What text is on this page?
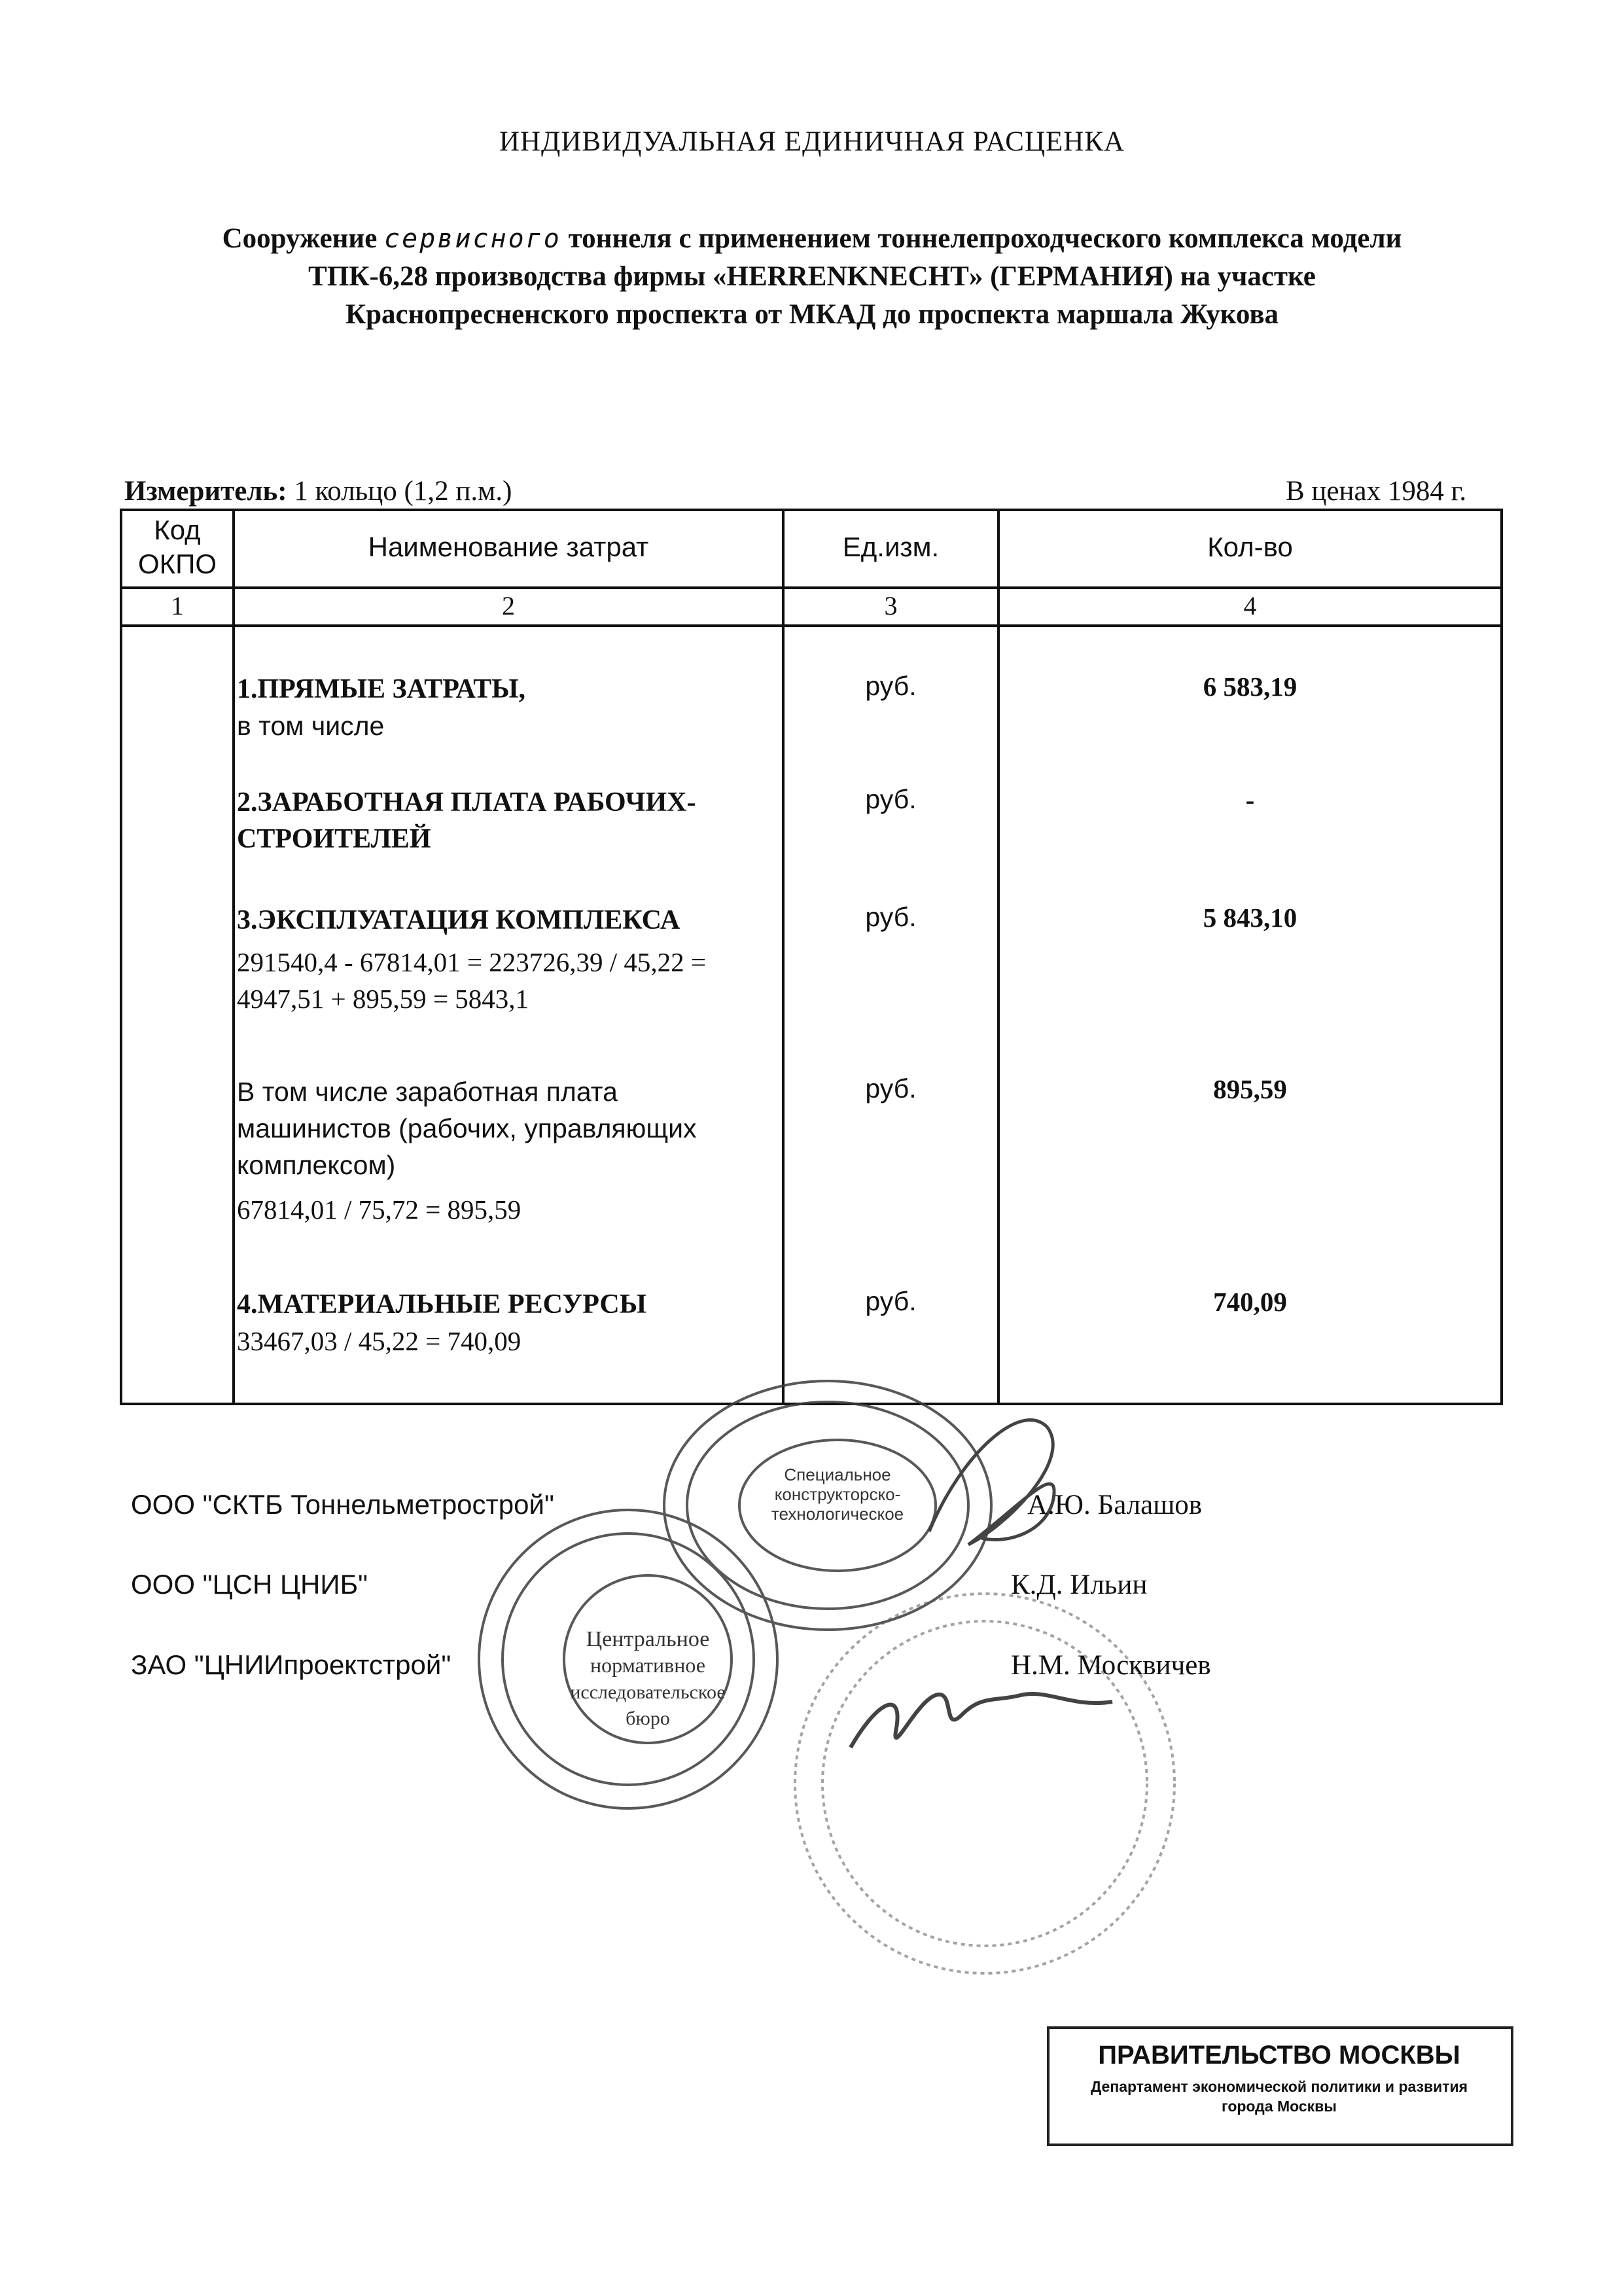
ИНДИВИДУАЛЬНАЯ ЕДИНИЧНАЯ РАСЦЕНКА
Сооружение сервисного тоннеля с применением тоннелепроходческого комплекса модели
ТПК-6,28 производства фирмы «HERRENKNECHT» (ГЕРМАНИЯ) на участке
Краснопресненского проспекта от МКАД до проспекта маршала Жукова
Измеритель: 1 кольцо (1,2 п.м.)	В ценах 1984 г.
Код
ОКПО
Наименование затрат	Ед.изм.	Кол-во
1	2	3	4
1.ПРЯМЫЕ ЗАТРАТЫ,
в том числе
руб.	6 583,19
2.ЗАРАБОТНАЯ ПЛАТА РАБОЧИХ-
СТРОИТЕЛЕЙ
руб.	-
3.ЭКСПЛУАТАЦИЯ КОМПЛЕКСА
291540,4 - 67814,01 = 223726,39 / 45,22 =
4947,51 + 895,59 = 5843,1
руб.	5 843,10
В том числе заработная плата
машинистов (рабочих, управляющих
комплексом)
67814,01 / 75,72 = 895,59
руб.	895,59
4.МАТЕРИАЛЬНЫЕ РЕСУРСЫ
33467,03 / 45,22 = 740,09
руб.	740,09
Специальное
конструкторско-
технологическое
Центральное
нормативное
исследовательское
бюро
ООО "СКТБ Тоннельметрострой"	А.Ю. Балашов
ООО "ЦСН ЦНИБ"	К.Д. Ильин
ЗАО "ЦНИИпроектстрой"	Н.М. Москвичев
ПРАВИТЕЛЬСТВО МОСКВЫ
Департамент экономической политики и развития
города Москвы
